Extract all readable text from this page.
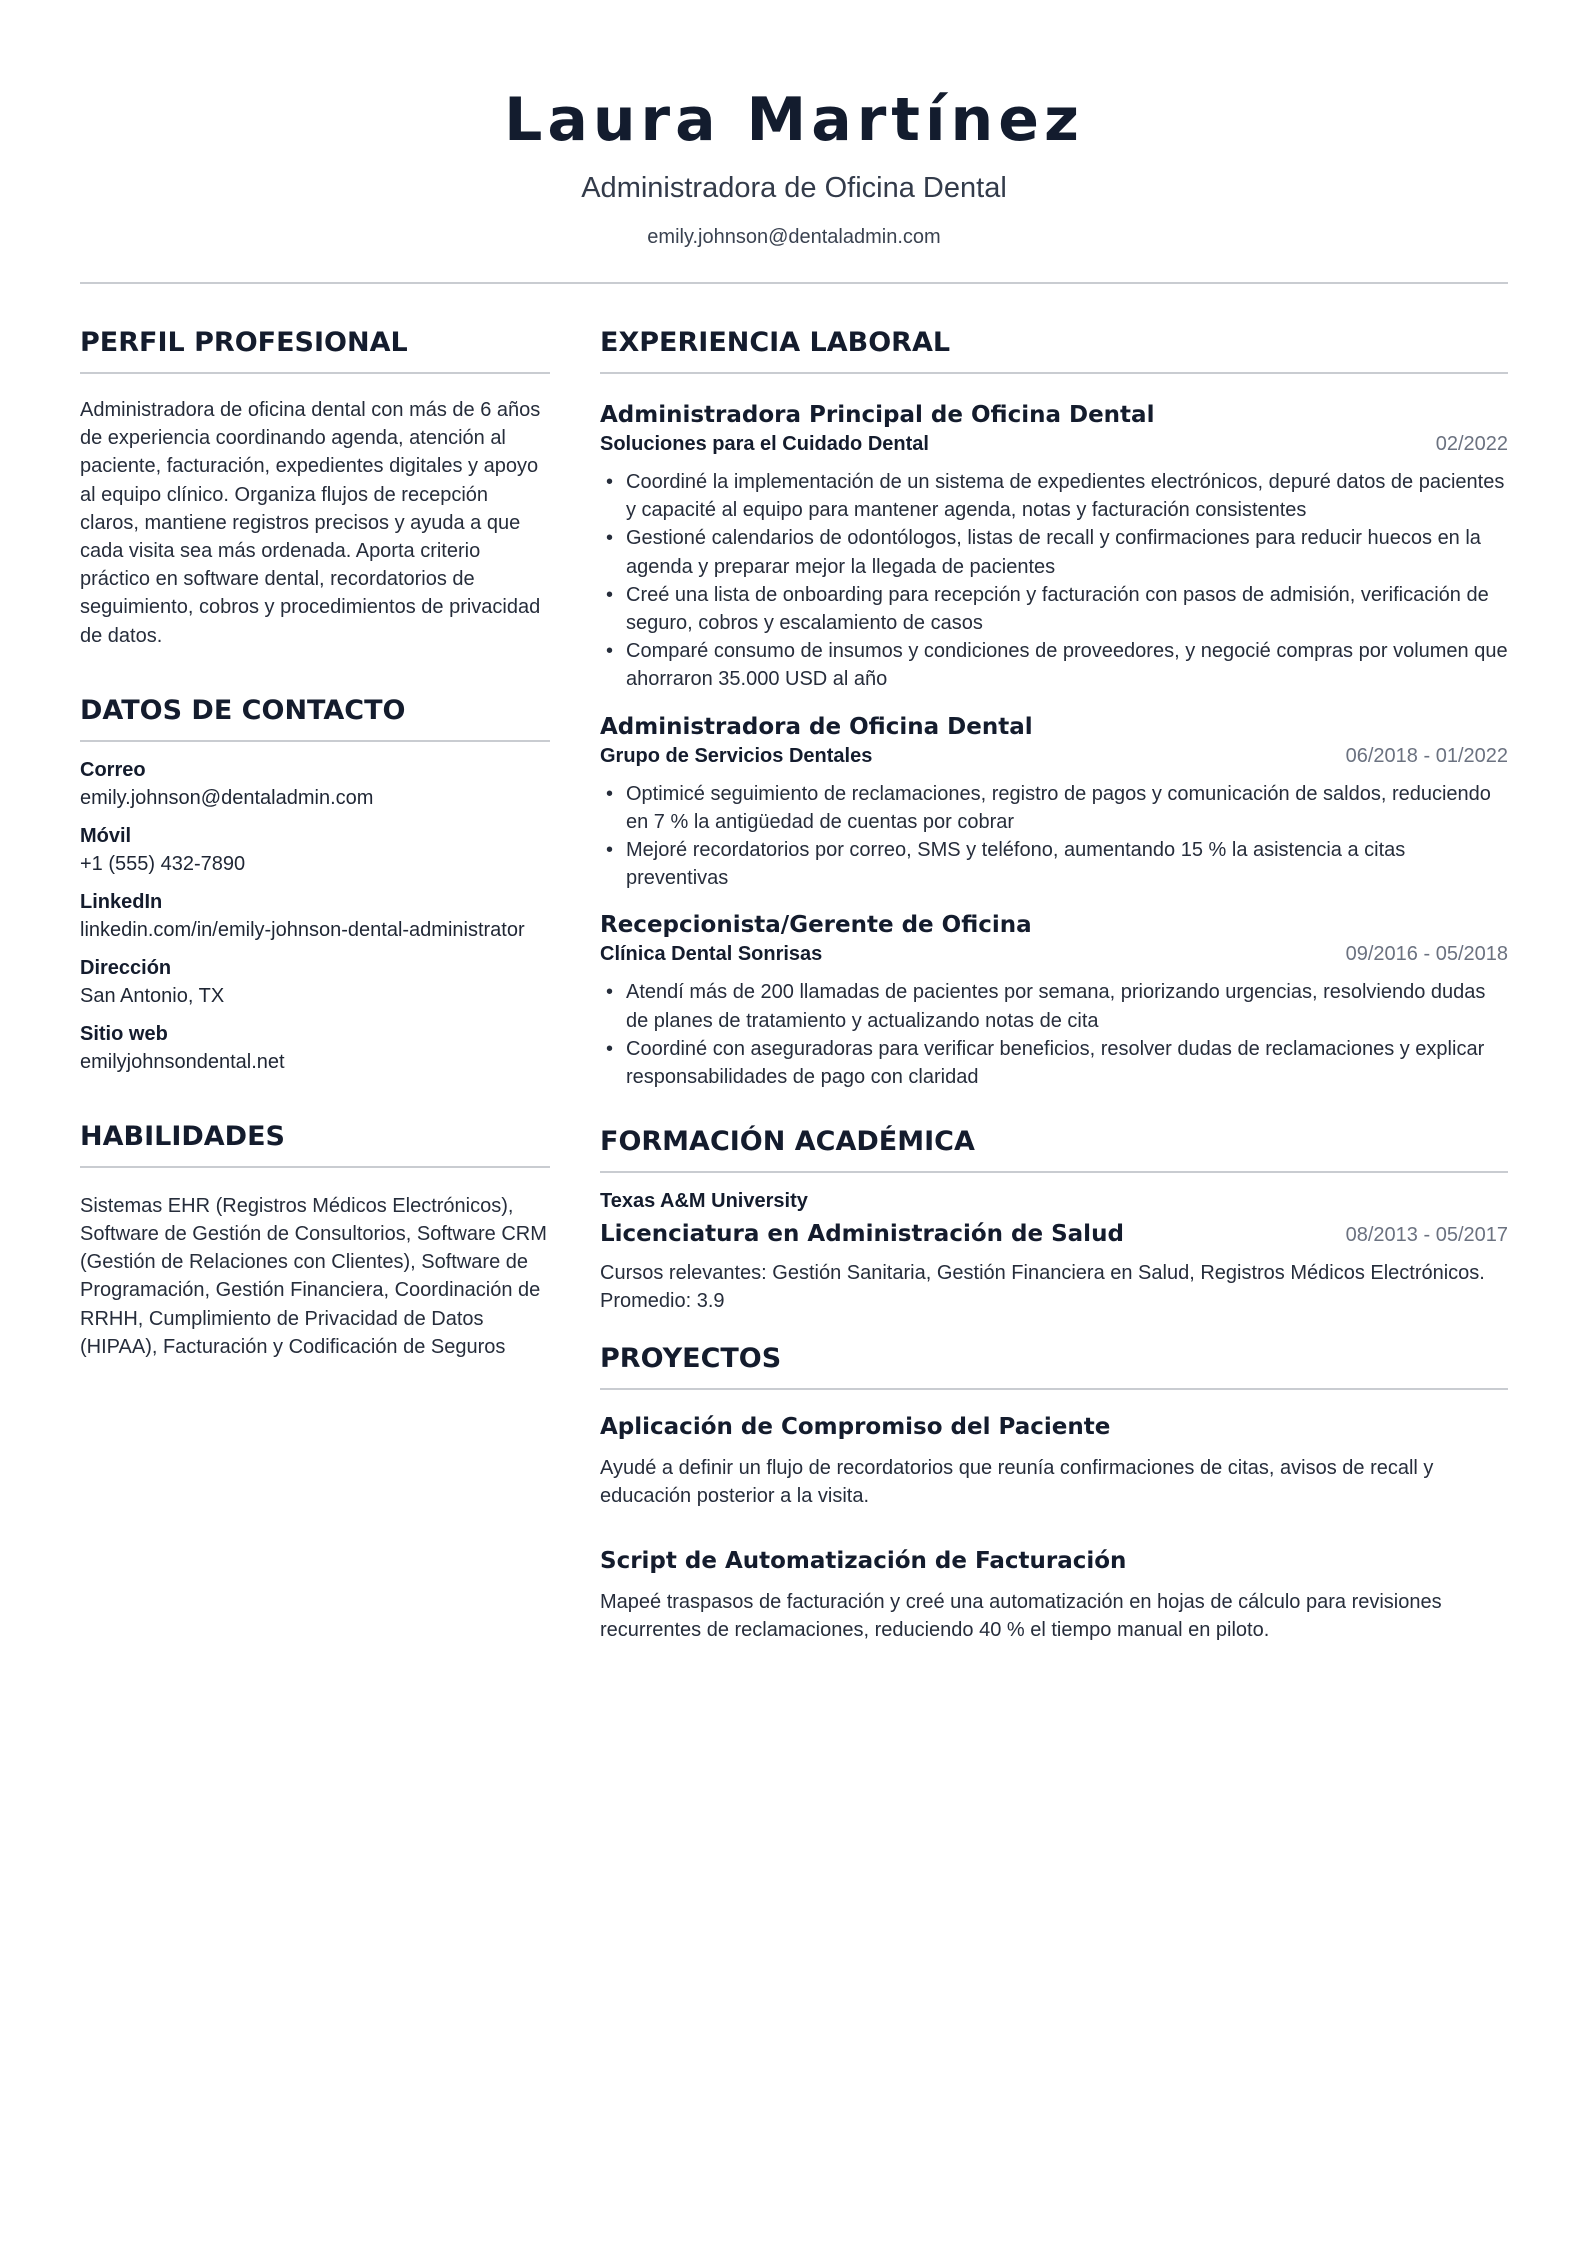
Laura Martínez
Administradora de Oficina Dental
emily.johnson@dentaladmin.com
PERFIL PROFESIONAL
Administradora de oficina dental con más de 6 años de experiencia coordinando agenda, atención al paciente, facturación, expedientes digitales y apoyo al equipo clínico. Organiza flujos de recepción claros, mantiene registros precisos y ayuda a que cada visita sea más ordenada. Aporta criterio práctico en software dental, recordatorios de seguimiento, cobros y procedimientos de privacidad de datos.
DATOS DE CONTACTO
Correo
emily.johnson@dentaladmin.com
Móvil
+1 (555) 432-7890
LinkedIn
linkedin.com/in/emily-johnson-dental-administrator
Dirección
San Antonio, TX
Sitio web
emilyjohnsondental.net
HABILIDADES
Sistemas EHR (Registros Médicos Electrónicos), Software de Gestión de Consultorios, Software CRM (Gestión de Relaciones con Clientes), Software de Programación, Gestión Financiera, Coordinación de RRHH, Cumplimiento de Privacidad de Datos (HIPAA), Facturación y Codificación de Seguros
EXPERIENCIA LABORAL
Administradora Principal de Oficina Dental
Soluciones para el Cuidado Dental	02/2022
• Coordiné la implementación de un sistema de expedientes electrónicos, depuré datos de pacientes y capacité al equipo para mantener agenda, notas y facturación consistentes
• Gestioné calendarios de odontólogos, listas de recall y confirmaciones para reducir huecos en la agenda y preparar mejor la llegada de pacientes
• Creé una lista de onboarding para recepción y facturación con pasos de admisión, verificación de seguro, cobros y escalamiento de casos
• Comparé consumo de insumos y condiciones de proveedores, y negocié compras por volumen que ahorraron 35.000 USD al año
Administradora de Oficina Dental
Grupo de Servicios Dentales	06/2018 - 01/2022
• Optimicé seguimiento de reclamaciones, registro de pagos y comunicación de saldos, reduciendo en 7 % la antigüedad de cuentas por cobrar
• Mejoré recordatorios por correo, SMS y teléfono, aumentando 15 % la asistencia a citas preventivas
Recepcionista/Gerente de Oficina
Clínica Dental Sonrisas	09/2016 - 05/2018
• Atendí más de 200 llamadas de pacientes por semana, priorizando urgencias, resolviendo dudas de planes de tratamiento y actualizando notas de cita
• Coordiné con aseguradoras para verificar beneficios, resolver dudas de reclamaciones y explicar responsabilidades de pago con claridad
FORMACIÓN ACADÉMICA
Texas A&M University
Licenciatura en Administración de Salud	08/2013 - 05/2017
Cursos relevantes: Gestión Sanitaria, Gestión Financiera en Salud, Registros Médicos Electrónicos. Promedio: 3.9
PROYECTOS
Aplicación de Compromiso del Paciente
Ayudé a definir un flujo de recordatorios que reunía confirmaciones de citas, avisos de recall y educación posterior a la visita.
Script de Automatización de Facturación
Mapeé traspasos de facturación y creé una automatización en hojas de cálculo para revisiones recurrentes de reclamaciones, reduciendo 40 % el tiempo manual en piloto.
